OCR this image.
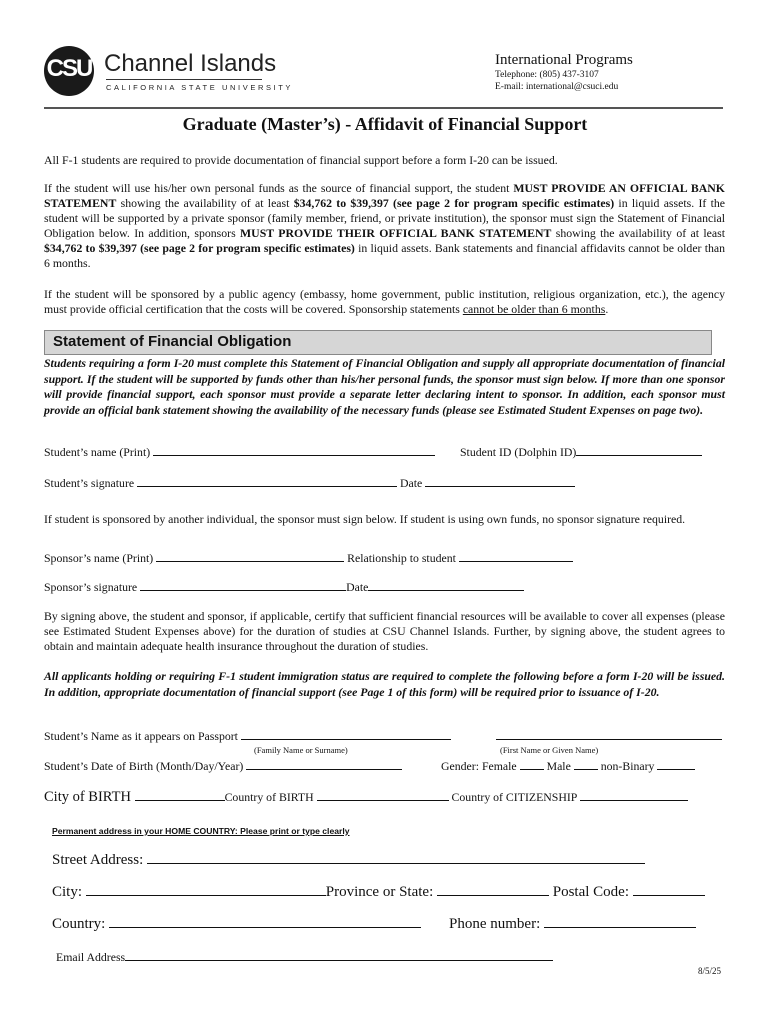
CSU Channel Islands
CALIFORNIA STATE UNIVERSITY
International Programs
Telephone: (805) 437-3107
E-mail: international@csuci.edu
Graduate (Master’s) - Affidavit of Financial Support
All F-1 students are required to provide documentation of financial support before a form I-20 can be issued.
If the student will use his/her own personal funds as the source of financial support, the student MUST PROVIDE AN OFFICIAL BANK STATEMENT showing the availability of at least $34,762 to $39,397 (see page 2 for program specific estimates) in liquid assets. If the student will be supported by a private sponsor (family member, friend, or private institution), the sponsor must sign the Statement of Financial Obligation below. In addition, sponsors MUST PROVIDE THEIR OFFICIAL BANK STATEMENT showing the availability of at least $34,762 to $39,397 (see page 2 for program specific estimates) in liquid assets. Bank statements and financial affidavits cannot be older than 6 months.
If the student will be sponsored by a public agency (embassy, home government, public institution, religious organization, etc.), the agency must provide official certification that the costs will be covered. Sponsorship statements cannot be older than 6 months.
Statement of Financial Obligation
Students requiring a form I-20 must complete this Statement of Financial Obligation and supply all appropriate documentation of financial support. If the student will be supported by funds other than his/her personal funds, the sponsor must sign below. If more than one sponsor will provide financial support, each sponsor must provide a separate letter declaring intent to sponsor. In addition, each sponsor must provide an official bank statement showing the availability of the necessary funds (please see Estimated Student Expenses on page two).
Student’s name (Print)	Student ID (Dolphin ID)
Student’s signature	Date
If student is sponsored by another individual, the sponsor must sign below. If student is using own funds, no sponsor signature required.
Sponsor’s name (Print)	Relationship to student
Sponsor’s signature	Date
By signing above, the student and sponsor, if applicable, certify that sufficient financial resources will be available to cover all expenses (please see Estimated Student Expenses above) for the duration of studies at CSU Channel Islands. Further, by signing above, the student agrees to obtain and maintain adequate health insurance throughout the duration of studies.
All applicants holding or requiring F-1 student immigration status are required to complete the following before a form I-20 will be issued. In addition, appropriate documentation of financial support (see Page 1 of this form) will be required prior to issuance of I-20.
Student’s Name as it appears on Passport
(Family Name or Surname)	(First Name or Given Name)
Student’s Date of Birth (Month/Day/Year)	Gender: Female  Male  non-Binary
City of BIRTH	Country of BIRTH	Country of CITIZENSHIP
Permanent address in your HOME COUNTRY: Please print or type clearly
Street Address:
City:	Province or State:	Postal Code:
Country:	Phone number:
Email Address
8/5/25
